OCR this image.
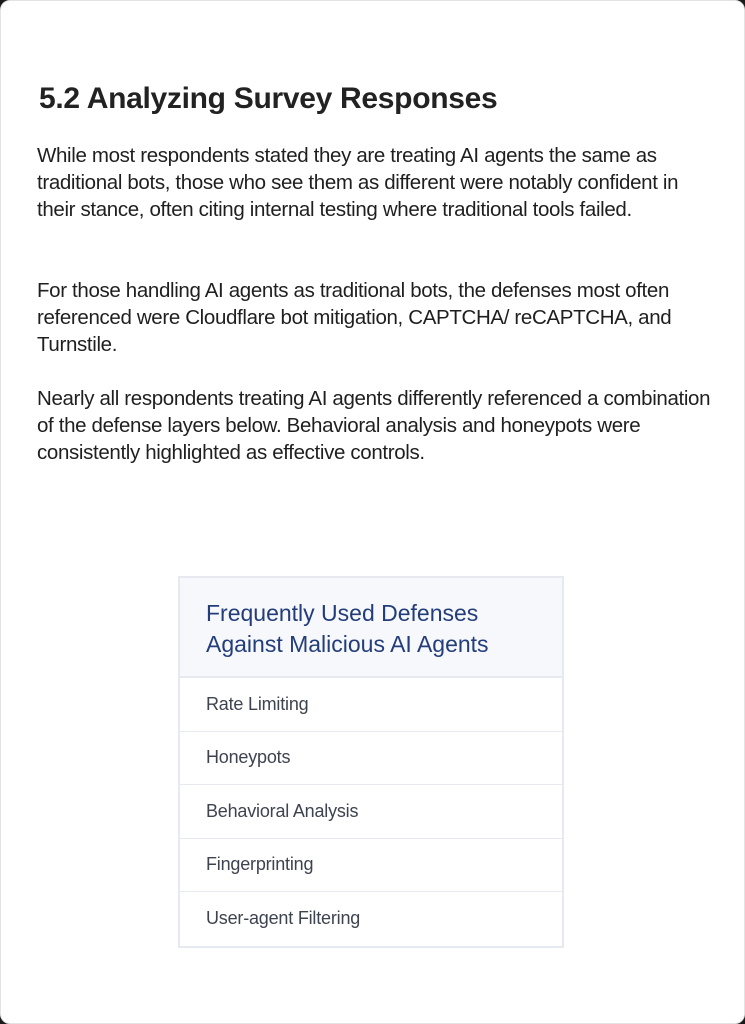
5.2 Analyzing Survey Responses

While most respondents stated they are treating AI agents the same as traditional bots, those who see them as different were notably confident in their stance, often citing internal testing where traditional tools failed.

For those handling AI agents as traditional bots, the defenses most often referenced were Cloudflare bot mitigation, CAPTCHA/ reCAPTCHA, and Turnstile.

Nearly all respondents treating AI agents differently referenced a combination of the defense layers below. Behavioral analysis and honeypots were consistently highlighted as effective controls.

Frequently Used Defenses Against Malicious AI Agents
Rate Limiting
Honeypots
Behavioral Analysis
Fingerprinting
User-agent Filtering
